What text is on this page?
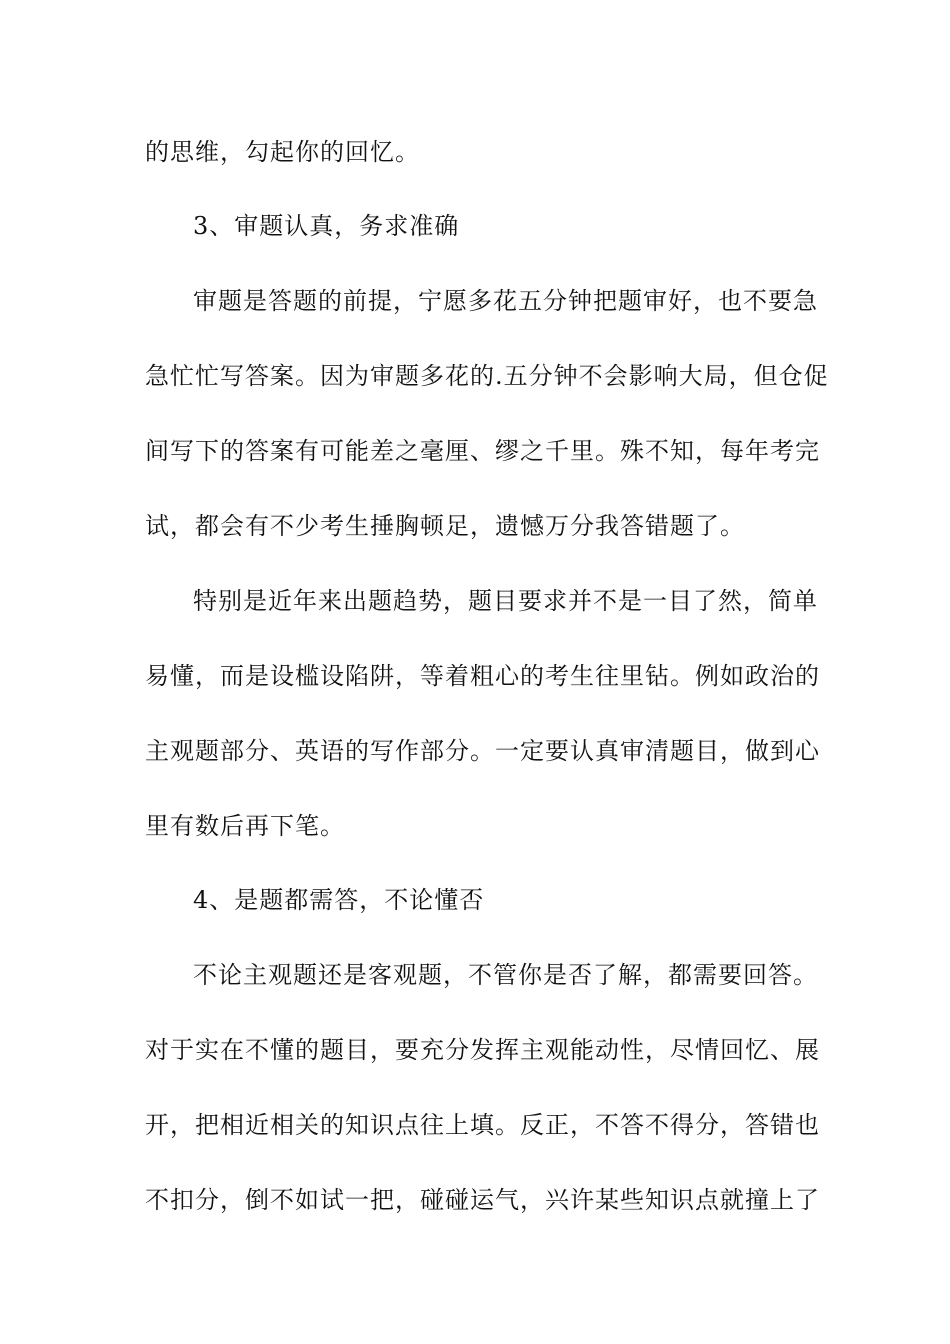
的思维，勾起你的回忆。
3、审题认真，务求准确
审题是答题的前提，宁愿多花五分钟把题审好，也不要急
急忙忙写答案。因为审题多花的.五分钟不会影响大局，但仓促
间写下的答案有可能差之毫厘、缪之千里。殊不知，每年考完
试，都会有不少考生捶胸顿足，遗憾万分我答错题了。
特别是近年来出题趋势，题目要求并不是一目了然，简单
易懂，而是设槛设陷阱，等着粗心的考生往里钻。例如政治的
主观题部分、英语的写作部分。一定要认真审清题目，做到心
里有数后再下笔。
4、是题都需答，不论懂否
不论主观题还是客观题，不管你是否了解，都需要回答。
对于实在不懂的题目，要充分发挥主观能动性，尽情回忆、展
开，把相近相关的知识点往上填。反正，不答不得分，答错也
不扣分，倒不如试一把，碰碰运气，兴许某些知识点就撞上了
